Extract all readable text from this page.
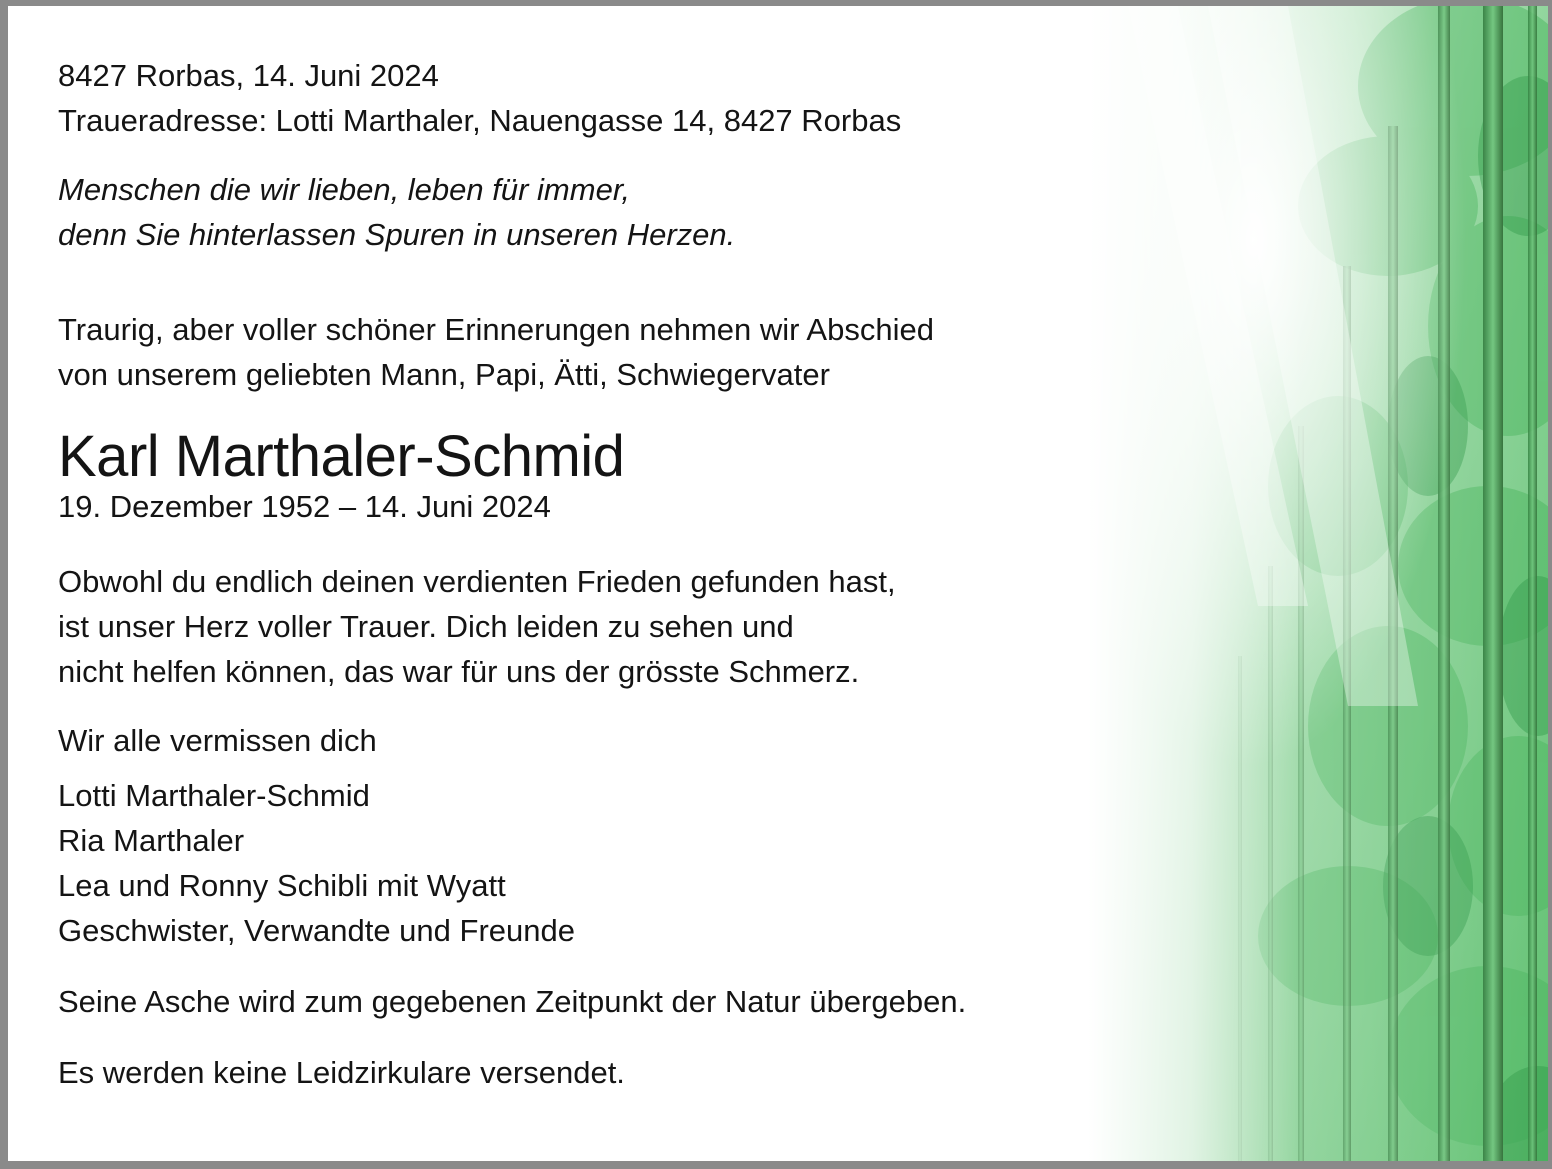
8427 Rorbas, 14. Juni 2024
Traueradresse: Lotti Marthaler, Nauengasse 14, 8427 Rorbas
Menschen die wir lieben, leben für immer,
denn Sie hinterlassen Spuren in unseren Herzen.
Traurig, aber voller schöner Erinnerungen nehmen wir Abschied
von unserem geliebten Mann, Papi, Ätti, Schwiegervater
Karl Marthaler-Schmid
19. Dezember 1952 – 14. Juni 2024
Obwohl du endlich deinen verdienten Frieden gefunden hast,
ist unser Herz voller Trauer. Dich leiden zu sehen und
nicht helfen können, das war für uns der grösste Schmerz.
Wir alle vermissen dich
Lotti Marthaler-Schmid
Ria Marthaler
Lea und Ronny Schibli mit Wyatt
Geschwister, Verwandte und Freunde
Seine Asche wird zum gegebenen Zeitpunkt der Natur übergeben.
Es werden keine Leidzirkulare versendet.
